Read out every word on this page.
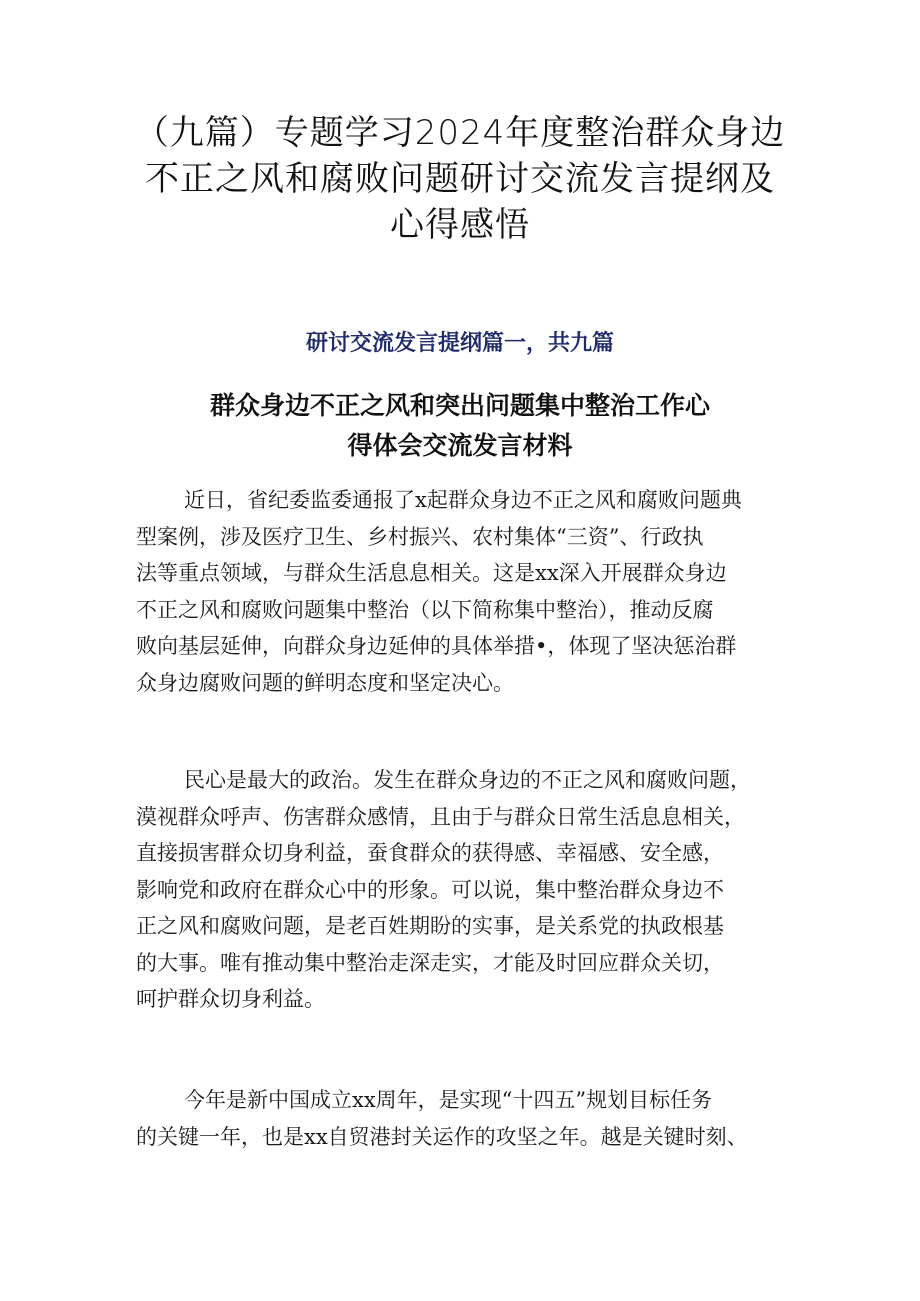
（九篇）专题学习2024年度整治群众身边
不正之风和腐败问题研讨交流发言提纲及
心得感悟
研讨交流发言提纲篇一，共九篇
群众身边不正之风和突出问题集中整治工作心
得体会交流发言材料

近日，省纪委监委通报了x起群众身边不正之风和腐败问题典
型案例，涉及医疗卫生、乡村振兴、农村集体“三资”、行政执
法等重点领域，与群众生活息息相关。这是xx深入开展群众身边
不正之风和腐败问题集中整治（以下简称集中整治），推动反腐
败向基层延伸，向群众身边延伸的具体举措•，体现了坚决惩治群
众身边腐败问题的鲜明态度和坚定决心。

民心是最大的政治。发生在群众身边的不正之风和腐败问题，
漠视群众呼声、伤害群众感情，且由于与群众日常生活息息相关，
直接损害群众切身利益，蚕食群众的获得感、幸福感、安全感，
影响党和政府在群众心中的形象。可以说，集中整治群众身边不
正之风和腐败问题，是老百姓期盼的实事，是关系党的执政根基
的大事。唯有推动集中整治走深走实，才能及时回应群众关切，
呵护群众切身利益。

今年是新中国成立xx周年，是实现“十四五”规划目标任务
的关键一年，也是xx自贸港封关运作的攻坚之年。越是关键时刻、
